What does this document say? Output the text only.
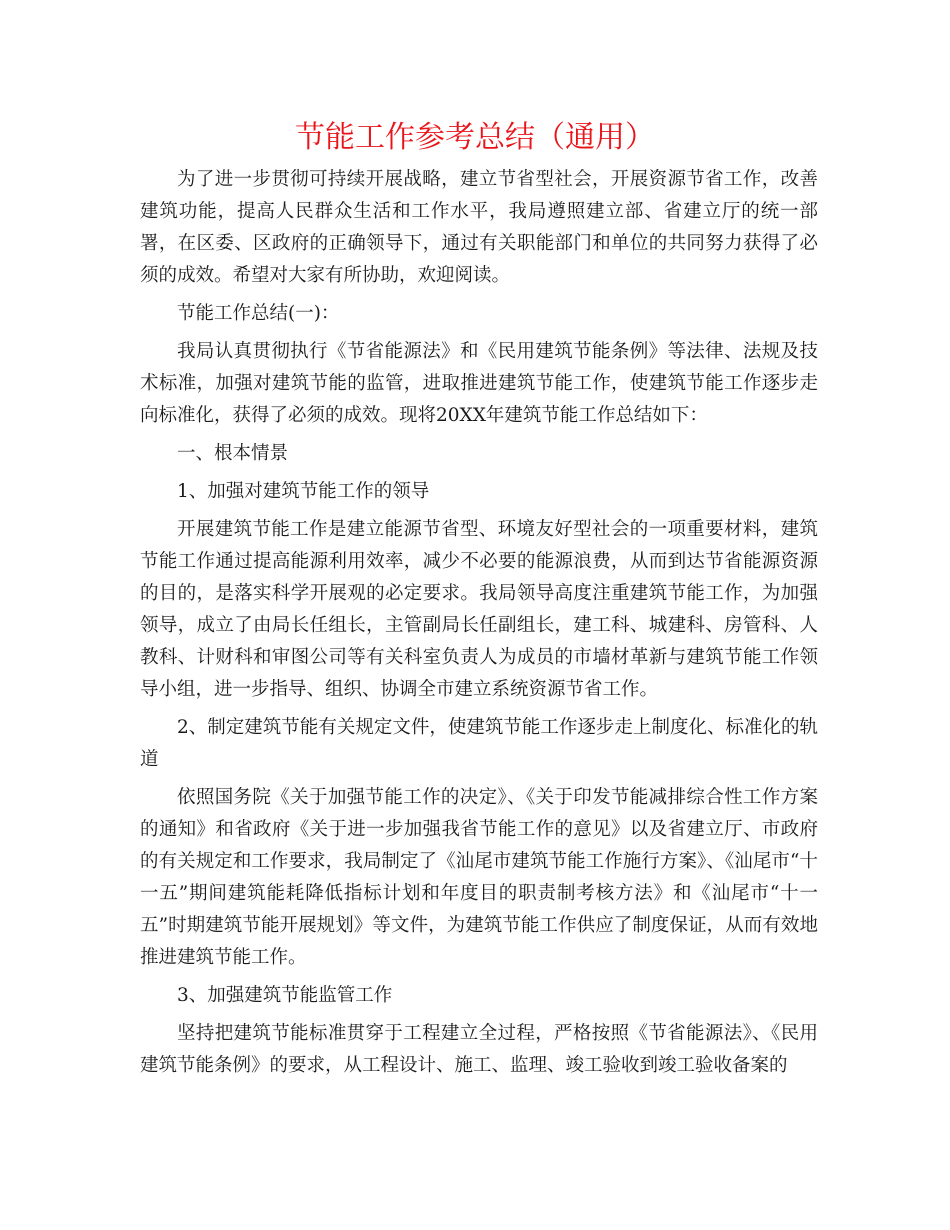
节能工作参考总结（通用）

为了进一步贯彻可持续开展战略，建立节省型社会，开展资源节省工作，改善建筑功能，提高人民群众生活和工作水平，我局遵照建立部、省建立厅的统一部署，在区委、区政府的正确领导下，通过有关职能部门和单位的共同努力获得了必须的成效。希望对大家有所协助，欢迎阅读。

节能工作总结(一)：

我局认真贯彻执行《节省能源法》和《民用建筑节能条例》等法律、法规及技术标准，加强对建筑节能的监管，进取推进建筑节能工作，使建筑节能工作逐步走向标准化，获得了必须的成效。现将20XX年建筑节能工作总结如下：

一、根本情景

1、加强对建筑节能工作的领导

开展建筑节能工作是建立能源节省型、环境友好型社会的一项重要材料，建筑节能工作通过提高能源利用效率，减少不必要的能源浪费，从而到达节省能源资源的目的，是落实科学开展观的必定要求。我局领导高度注重建筑节能工作，为加强领导，成立了由局长任组长，主管副局长任副组长，建工科、城建科、房管科、人教科、计财科和审图公司等有关科室负责人为成员的市墙材革新与建筑节能工作领导小组，进一步指导、组织、协调全市建立系统资源节省工作。

2、制定建筑节能有关规定文件，使建筑节能工作逐步走上制度化、标准化的轨道

依照国务院《关于加强节能工作的决定》、《关于印发节能减排综合性工作方案的通知》和省政府《关于进一步加强我省节能工作的意见》以及省建立厅、市政府的有关规定和工作要求，我局制定了《汕尾市建筑节能工作施行方案》、《汕尾市“十一五”期间建筑能耗降低指标计划和年度目的职责制考核方法》和《汕尾市“十一五”时期建筑节能开展规划》等文件，为建筑节能工作供应了制度保证，从而有效地推进建筑节能工作。

3、加强建筑节能监管工作

坚持把建筑节能标准贯穿于工程建立全过程，严格按照《节省能源法》、《民用建筑节能条例》的要求，从工程设计、施工、监理、竣工验收到竣工验收备案的
